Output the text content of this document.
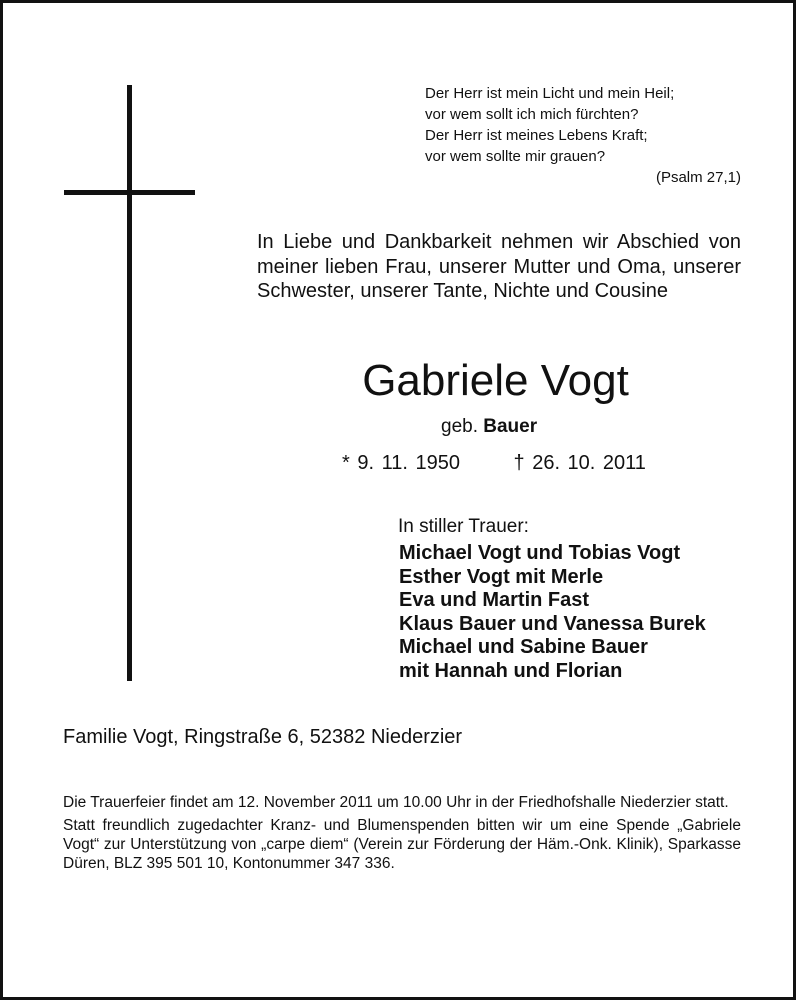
Der Herr ist mein Licht und mein Heil;
vor wem sollt ich mich fürchten?
Der Herr ist meines Lebens Kraft;
vor wem sollte mir grauen?
(Psalm 27,1)
In Liebe und Dankbarkeit nehmen wir Abschied von meiner lieben Frau, unserer Mutter und Oma, unserer Schwester, unserer Tante, Nichte und Cousine
Gabriele Vogt
geb. Bauer
* 9. 11. 1950	† 26. 10. 2011
In stiller Trauer:
Michael Vogt und Tobias Vogt
Esther Vogt mit Merle
Eva und Martin Fast
Klaus Bauer und Vanessa Burek
Michael und Sabine Bauer
mit Hannah und Florian
Familie Vogt, Ringstraße 6, 52382 Niederzier

Die Trauerfeier findet am 12. November 2011 um 10.00 Uhr in der Friedhofshalle Niederzier statt.

Statt freundlich zugedachter Kranz- und Blumenspenden bitten wir um eine Spende „Gabriele Vogt“ zur Unterstützung von „carpe diem“ (Verein zur Förderung der Häm.-Onk. Klinik), Sparkasse Düren, BLZ 395 501 10, Kontonummer 347 336.
